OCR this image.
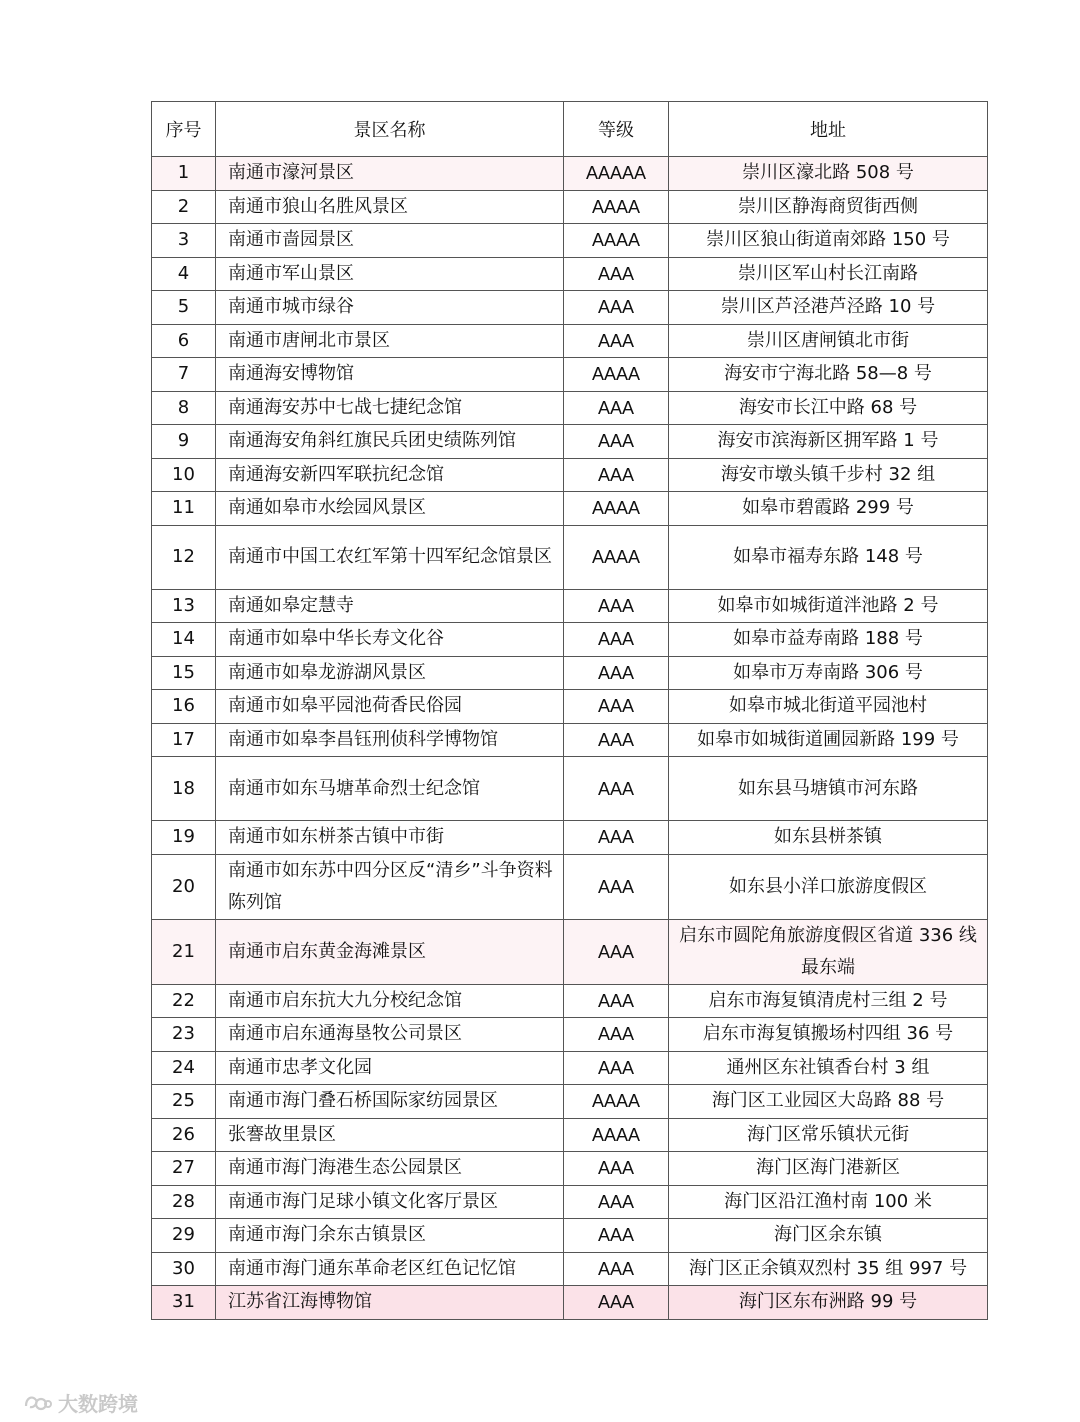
序号	景区名称	等级	地址
1	南通市濠河景区	AAAAA	崇川区濠北路 508 号
2	南通市狼山名胜风景区	AAAA	崇川区静海商贸街西侧
3	南通市啬园景区	AAAA	崇川区狼山街道南郊路 150 号
4	南通市军山景区	AAA	崇川区军山村长江南路
5	南通市城市绿谷	AAA	崇川区芦泾港芦泾路 10 号
6	南通市唐闸北市景区	AAA	崇川区唐闸镇北市街
7	南通海安博物馆	AAAA	海安市宁海北路 58—8 号
8	南通海安苏中七战七捷纪念馆	AAA	海安市长江中路 68 号
9	南通海安角斜红旗民兵团史绩陈列馆	AAA	海安市滨海新区拥军路 1 号
10	南通海安新四军联抗纪念馆	AAA	海安市墩头镇千步村 32 组
11	南通如皋市水绘园风景区	AAAA	如皋市碧霞路 299 号
12	南通市中国工农红军第十四军纪念馆景区	AAAA	如皋市福寿东路 148 号
13	南通如皋定慧寺	AAA	如皋市如城街道泮池路 2 号
14	南通市如皋中华长寿文化谷	AAA	如皋市益寿南路 188 号
15	南通市如皋龙游湖风景区	AAA	如皋市万寿南路 306 号
16	南通市如皋平园池荷香民俗园	AAA	如皋市城北街道平园池村
17	南通市如皋李昌钰刑侦科学博物馆	AAA	如皋市如城街道圃园新路 199 号
18	南通市如东马塘革命烈士纪念馆	AAA	如东县马塘镇市河东路
19	南通市如东栟茶古镇中市街	AAA	如东县栟茶镇
20	南通市如东苏中四分区反“清乡”斗争资料陈列馆	AAA	如东县小洋口旅游度假区
21	南通市启东黄金海滩景区	AAA	启东市圆陀角旅游度假区省道 336 线最东端
22	南通市启东抗大九分校纪念馆	AAA	启东市海复镇清虎村三组 2 号
23	南通市启东通海垦牧公司景区	AAA	启东市海复镇搬场村四组 36 号
24	南通市忠孝文化园	AAA	通州区东社镇香台村 3 组
25	南通市海门叠石桥国际家纺园景区	AAAA	海门区工业园区大岛路 88 号
26	张謇故里景区	AAAA	海门区常乐镇状元街
27	南通市海门海港生态公园景区	AAA	海门区海门港新区
28	南通市海门足球小镇文化客厅景区	AAA	海门区沿江渔村南 100 米
29	南通市海门余东古镇景区	AAA	海门区余东镇
30	南通市海门通东革命老区红色记忆馆	AAA	海门区正余镇双烈村 35 组 997 号
31	江苏省江海博物馆	AAA	海门区东布洲路 99 号
大数跨境
